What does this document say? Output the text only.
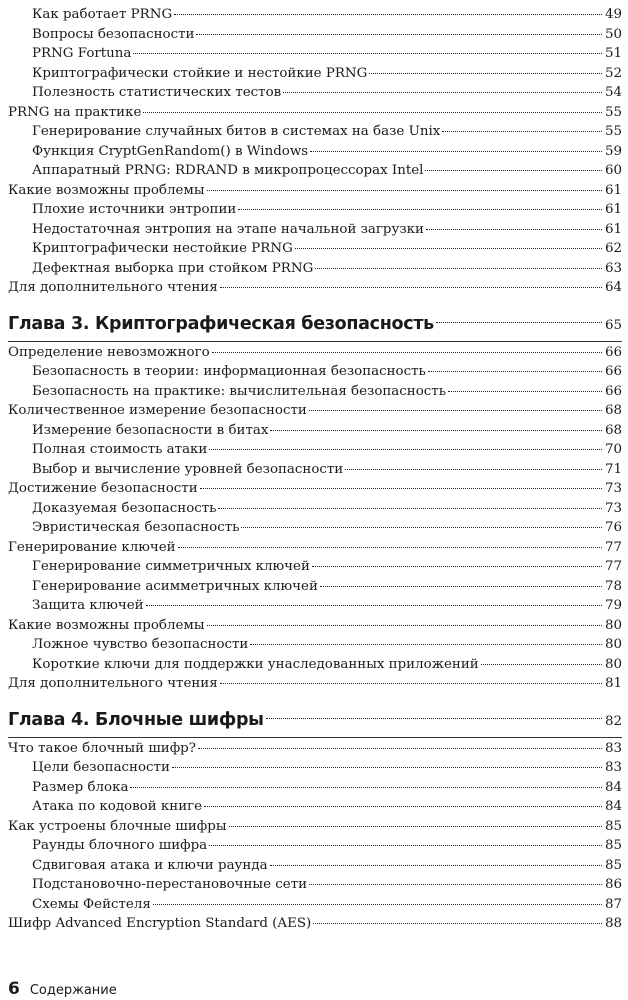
Как работает PRNG	49
Вопросы безопасности	50
PRNG Fortuna	51
Криптографически стойкие и нестойкие PRNG	52
Полезность статистических тестов	54
PRNG на практике	55
Генерирование случайных битов в системах на базе Unix	55
Функция CryptGenRandom() в Windows	59
Аппаратный PRNG: RDRAND в микропроцессорах Intel	60
Какие возможны проблемы	61
Плохие источники энтропии	61
Недостаточная энтропия на этапе начальной загрузки	61
Криптографически нестойкие PRNG	62
Дефектная выборка при стойком PRNG	63
Для дополнительного чтения	64
Глава 3. Криптографическая безопасность	65
Определение невозможного	66
Безопасность в теории: информационная безопасность	66
Безопасность на практике: вычислительная безопасность	66
Количественное измерение безопасности	68
Измерение безопасности в битах	68
Полная стоимость атаки	70
Выбор и вычисление уровней безопасности	71
Достижение безопасности	73
Доказуемая безопасность	73
Эвристическая безопасность	76
Генерирование ключей	77
Генерирование симметричных ключей	77
Генерирование асимметричных ключей	78
Защита ключей	79
Какие возможны проблемы	80
Ложное чувство безопасности	80
Короткие ключи для поддержки унаследованных приложений	80
Для дополнительного чтения	81
Глава 4. Блочные шифры	82
Что такое блочный шифр?	83
Цели безопасности	83
Размер блока	84
Атака по кодовой книге	84
Как устроены блочные шифры	85
Раунды блочного шифра	85
Сдвиговая атака и ключи раунда	85
Подстановочно-перестановочные сети	86
Схемы Фейстеля	87
Шифр Advanced Encryption Standard (AES)	88
6 Содержание
